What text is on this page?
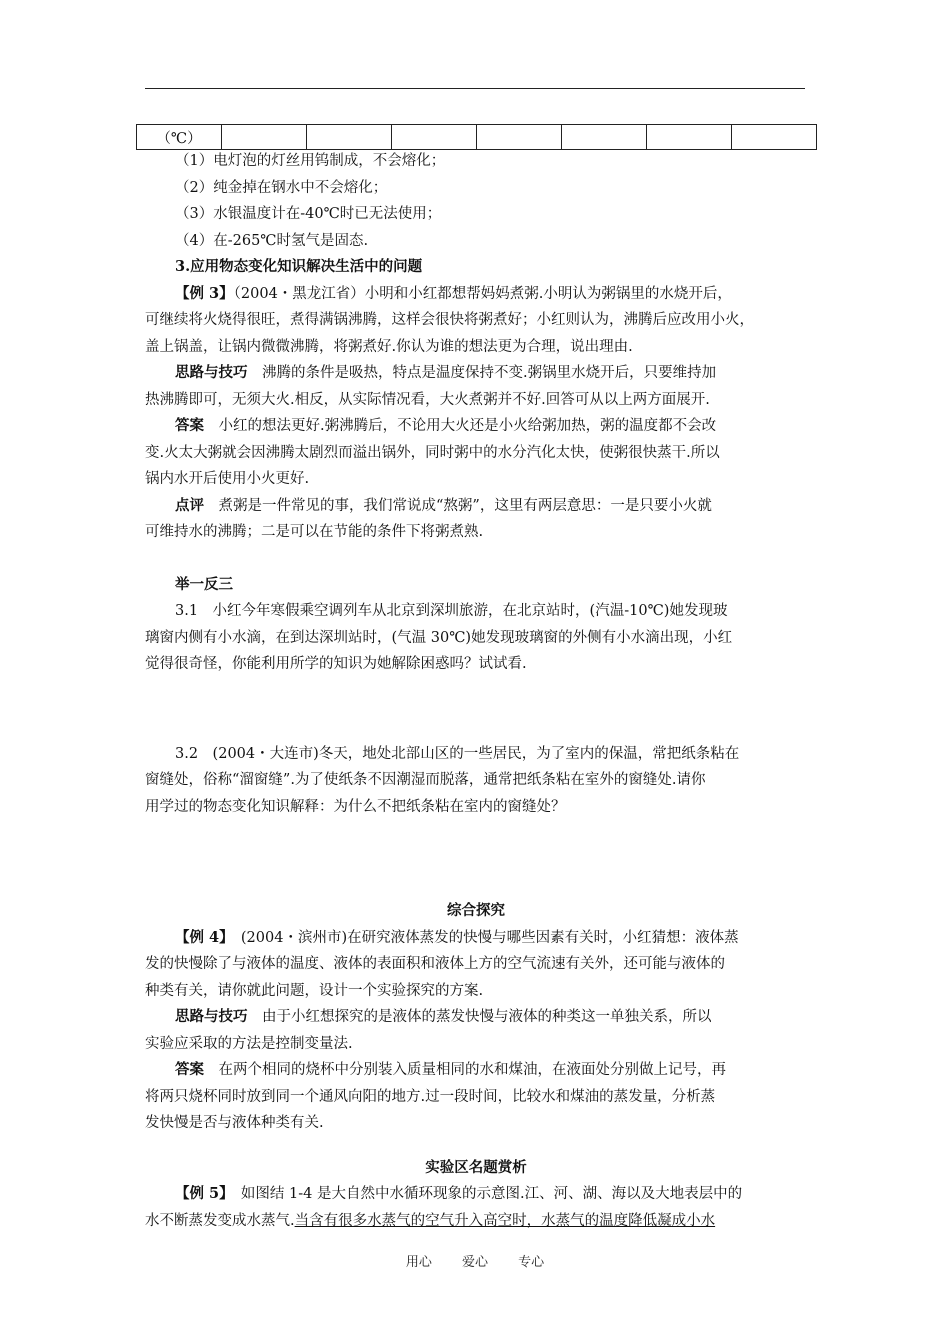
（℃）							

（1）电灯泡的灯丝用钨制成，不会熔化；

（2）纯金掉在钢水中不会熔化；

（3）水银温度计在-40℃时已无法使用；

（4）在-265℃时氢气是固态.

3.应用物态变化知识解决生活中的问题

【例 3】（2004・黑龙江省）小明和小红都想帮妈妈煮粥.小明认为粥锅里的水烧开后，

可继续将火烧得很旺，煮得满锅沸腾，这样会很快将粥煮好；小红则认为，沸腾后应改用小火，

盖上锅盖，让锅内微微沸腾，将粥煮好.你认为谁的想法更为合理，说出理由.

思路与技巧　 沸腾的条件是吸热，特点是温度保持不变.粥锅里水烧开后，只要维持加

热沸腾即可，无须大火.相反，从实际情况看，大火煮粥并不好.回答可从以上两方面展开.

答案　 小红的想法更好.粥沸腾后，不论用大火还是小火给粥加热，粥的温度都不会改

变.火太大粥就会因沸腾太剧烈而溢出锅外，同时粥中的水分汽化太快，使粥很快蒸干.所以

锅内水开后使用小火更好.

点评　 煮粥是一件常见的事，我们常说成“熬粥”，这里有两层意思：一是只要小火就

可维持水的沸腾；二是可以在节能的条件下将粥煮熟.

举一反三

3.1　小红今年寒假乘空调列车从北京到深圳旅游，在北京站时，(汽温-10℃)她发现玻

璃窗内侧有小水滴，在到达深圳站时，(气温 30℃)她发现玻璃窗的外侧有小水滴出现，小红

觉得很奇怪，你能利用所学的知识为她解除困惑吗？试试看.

3.2　(2004・大连市)冬天，地处北部山区的一些居民，为了室内的保温，常把纸条粘在

窗缝处，俗称“溜窗缝”.为了使纸条不因潮湿而脱落，通常把纸条粘在室外的窗缝处.请你

用学过的物态变化知识解释：为什么不把纸条粘在室内的窗缝处？

综合探究

【例 4】　 (2004・滨州市)在研究液体蒸发的快慢与哪些因素有关时，小红猜想：液体蒸

发的快慢除了与液体的温度、液体的表面积和液体上方的空气流速有关外，还可能与液体的

种类有关，请你就此问题，设计一个实验探究的方案.

思路与技巧　 由于小红想探究的是液体的蒸发快慢与液体的种类这一单独关系，所以

实验应采取的方法是控制变量法.

答案　 在两个相同的烧杯中分别装入质量相同的水和煤油，在液面处分别做上记号，再

将两只烧杯同时放到同一个通风向阳的地方.过一段时间，比较水和煤油的蒸发量，分析蒸

发快慢是否与液体种类有关.

实验区名题赏析

【例 5】　 如图结 1-4 是大自然中水循环现象的示意图.江、河、湖、海以及大地表层中的

水不断蒸发变成水蒸气.当含有很多水蒸气的空气升入高空时，水蒸气的温度降低凝成小水

用心 爱心 专心
